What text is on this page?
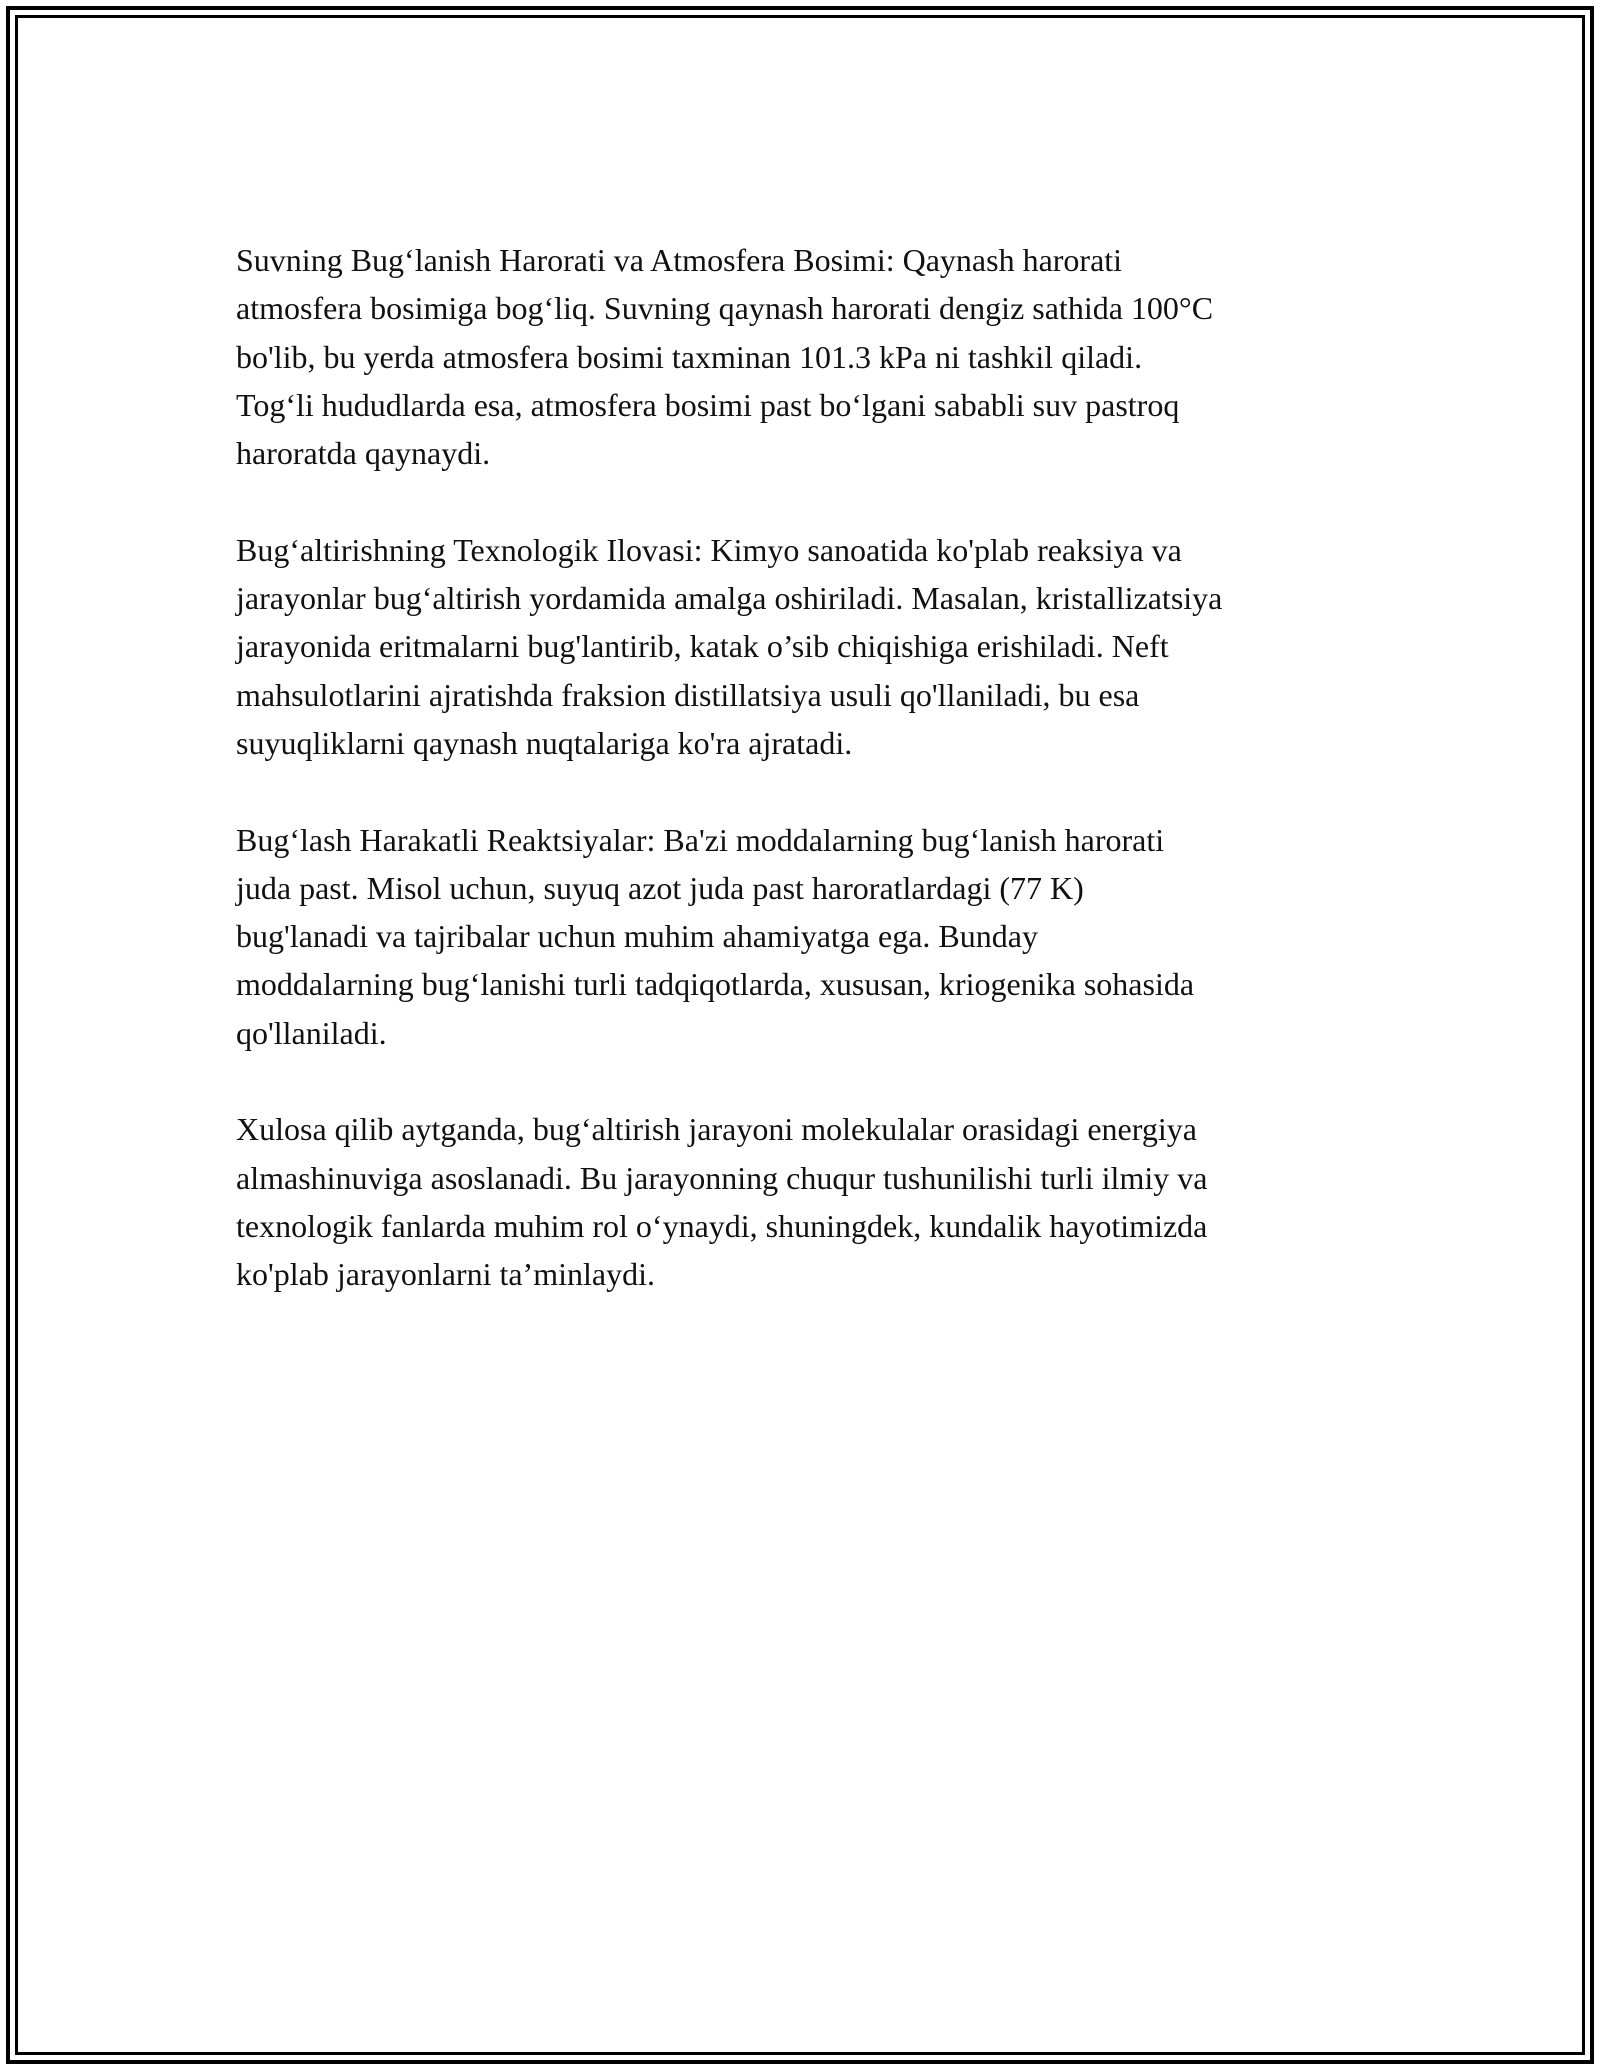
Suvning Bug‘lanish Harorati va Atmosfera Bosimi: Qaynash harorati
atmosfera bosimiga bog‘liq. Suvning qaynash harorati dengiz sathida 100°C
bo'lib, bu yerda atmosfera bosimi taxminan 101.3 kPa ni tashkil qiladi.
Tog‘li hududlarda esa, atmosfera bosimi past bo‘lgani sababli suv pastroq
haroratda qaynaydi.

Bug‘altirishning Texnologik Ilovasi: Kimyo sanoatida ko'plab reaksiya va
jarayonlar bug‘altirish yordamida amalga oshiriladi. Masalan, kristallizatsiya
jarayonida eritmalarni bug'lantirib, katak o’sib chiqishiga erishiladi. Neft
mahsulotlarini ajratishda fraksion distillatsiya usuli qo'llaniladi, bu esa
suyuqliklarni qaynash nuqtalariga ko'ra ajratadi.

Bug‘lash Harakatli Reaktsiyalar: Ba'zi moddalarning bug‘lanish harorati
juda past. Misol uchun, suyuq azot juda past haroratlardagi (77 K)
bug'lanadi va tajribalar uchun muhim ahamiyatga ega. Bunday
moddalarning bug‘lanishi turli tadqiqotlarda, xususan, kriogenika sohasida
qo'llaniladi.

Xulosa qilib aytganda, bug‘altirish jarayoni molekulalar orasidagi energiya
almashinuviga asoslanadi. Bu jarayonning chuqur tushunilishi turli ilmiy va
texnologik fanlarda muhim rol o‘ynaydi, shuningdek, kundalik hayotimizda
ko'plab jarayonlarni ta’minlaydi.
